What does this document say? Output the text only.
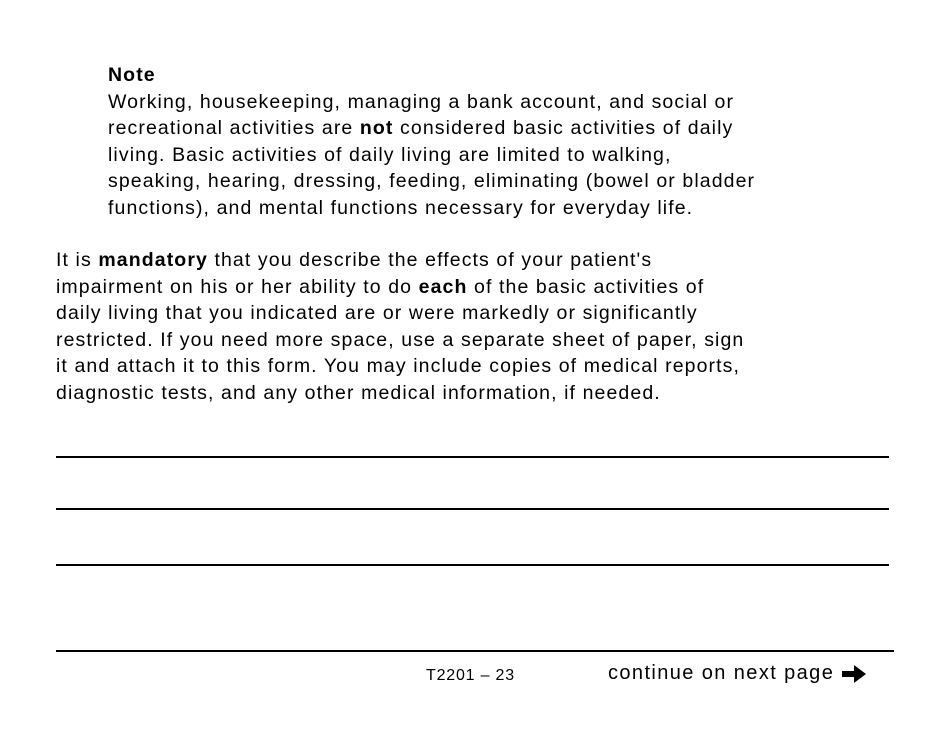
Note
Working, housekeeping, managing a bank account, and social or
recreational activities are not considered basic activities of daily
living. Basic activities of daily living are limited to walking,
speaking, hearing, dressing, feeding, eliminating (bowel or bladder
functions), and mental functions necessary for everyday life.
It is mandatory that you describe the effects of your patient's
impairment on his or her ability to do each of the basic activities of
daily living that you indicated are or were markedly or significantly
restricted. If you need more space, use a separate sheet of paper, sign
it and attach it to this form. You may include copies of medical reports,
diagnostic tests, and any other medical information, if needed.
T2201 – 23	continue on next page
